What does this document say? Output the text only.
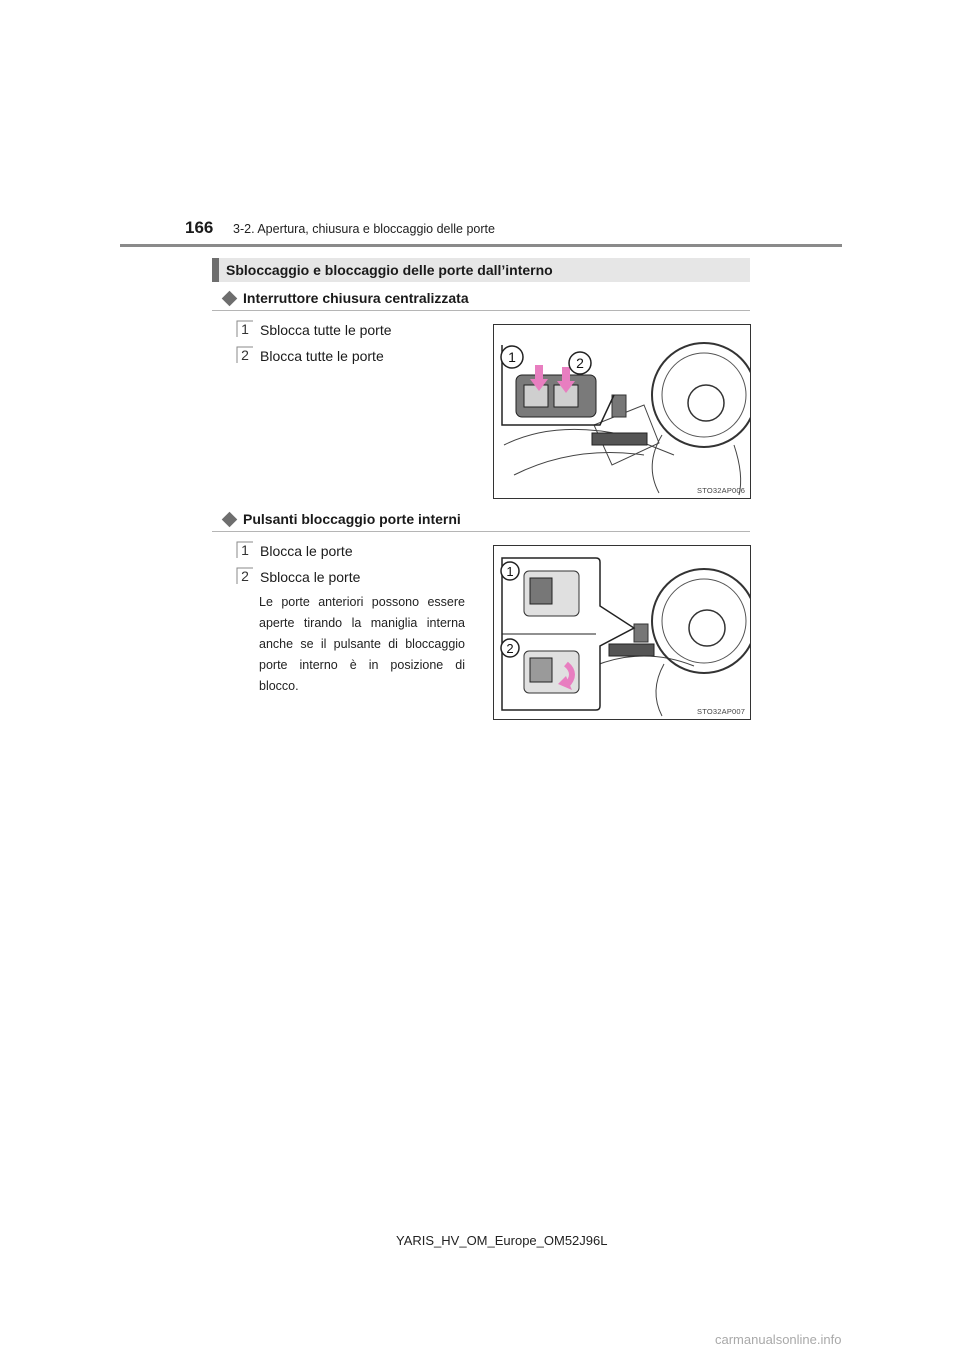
166 3-2. Apertura, chiusura e bloccaggio delle porte
Sbloccaggio e bloccaggio delle porte dall’interno
Interruttore chiusura centralizzata
1 Sblocca tutte le porte
2 Blocca tutte le porte	1	2
STO32AP006
Pulsanti bloccaggio porte interni
1 Blocca le porte
2 Sblocca le porte
Le porte anteriori possono essere aperte tirando la maniglia interna anche se il pulsante di bloccaggio porte interno è in posizione di blocco.
1
2
STO32AP007
YARIS_HV_OM_Europe_OM52J96L
carmanualsonline.info
